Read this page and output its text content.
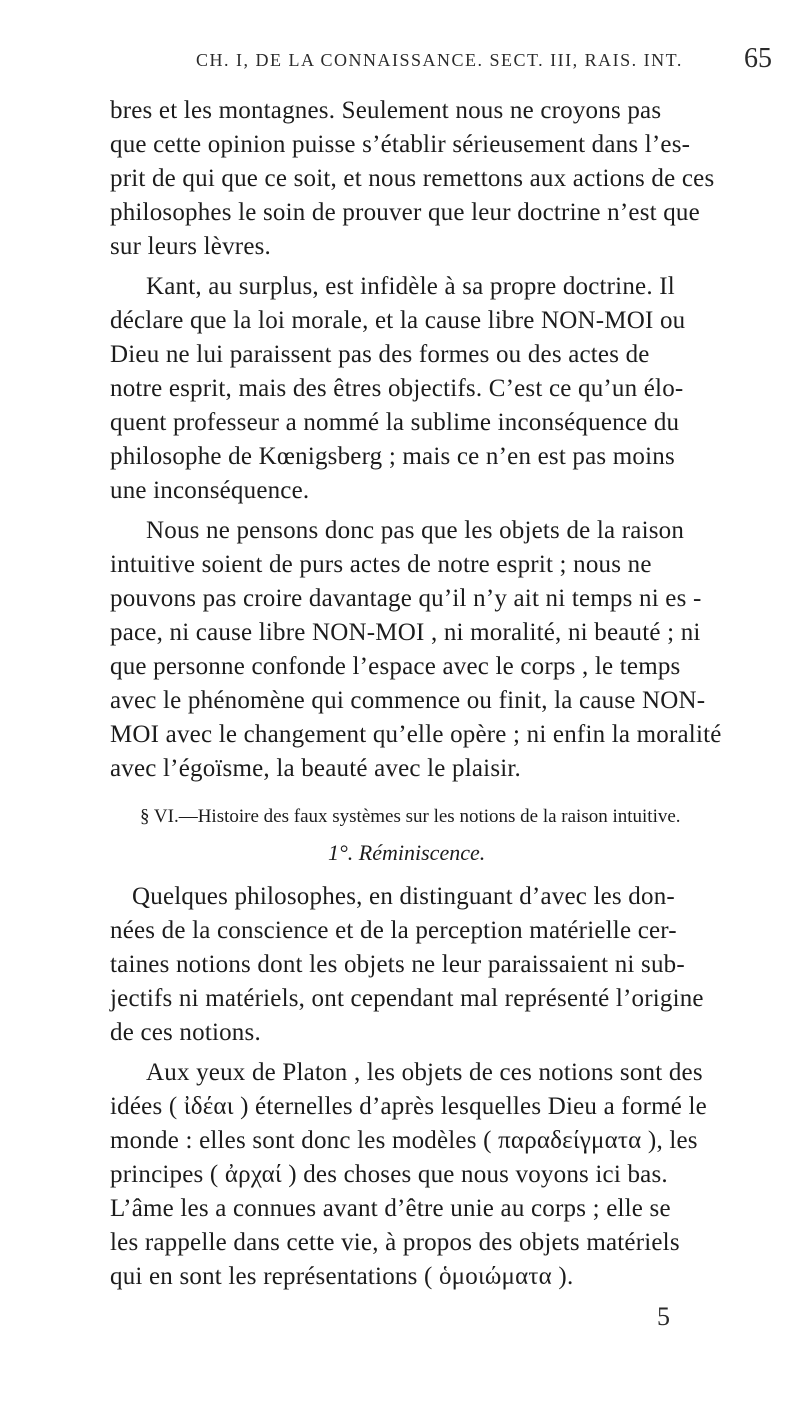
CH. I, DE LA CONNAISSANCE. SECT. III, RAIS. INT. 65
bres et les montagnes. Seulement nous ne croyons pas
que cette opinion puisse s’établir sérieusement dans l’es-
prit de qui que ce soit, et nous remettons aux actions de ces
philosophes le soin de prouver que leur doctrine n’est que
sur leurs lèvres.
Kant, au surplus, est infidèle à sa propre doctrine. Il
déclare que la loi morale, et la cause libre NON-MOI ou
Dieu ne lui paraissent pas des formes ou des actes de
notre esprit, mais des êtres objectifs. C’est ce qu’un élo-
quent professeur a nommé la sublime inconséquence du
philosophe de Kœnigsberg ; mais ce n’en est pas moins
une inconséquence.
Nous ne pensons donc pas que les objets de la raison
intuitive soient de purs actes de notre esprit ; nous ne
pouvons pas croire davantage qu’il n’y ait ni temps ni es -
pace, ni cause libre NON-MOI , ni moralité, ni beauté ; ni
§ VI.—Histoire des faux systèmes sur les notions de la raison intuitive.
1°. Réminiscence.
Quelques philosophes, en distinguant d’avec les don-
nées de la conscience et de la perception matérielle cer-
taines notions dont les objets ne leur paraissaient ni sub-
jectifs ni matériels, ont cependant mal représenté l’origine
de ces notions.
Aux yeux de Platon , les objets de ces notions sont des
idées ( ἰδέαι ) éternelles d’après lesquelles Dieu a formé le
monde : elles sont donc les modèles ( παραδείγματα ), les
principes ( ἀρχαί ) des choses que nous voyons ici bas.
L’âme les a connues avant d’être unie au corps ; elle se
les rappelle dans cette vie, à propos des objets matériels
qui en sont les représentations ( ὁμοιώματα ).
5
que personne confonde l’espace avec le corps , le temps
avec le phénomène qui commence ou finit, la cause NON-
MOI avec le changement qu’elle opère ; ni enfin la moralité
avec l’égoïsme, la beauté avec le plaisir.
